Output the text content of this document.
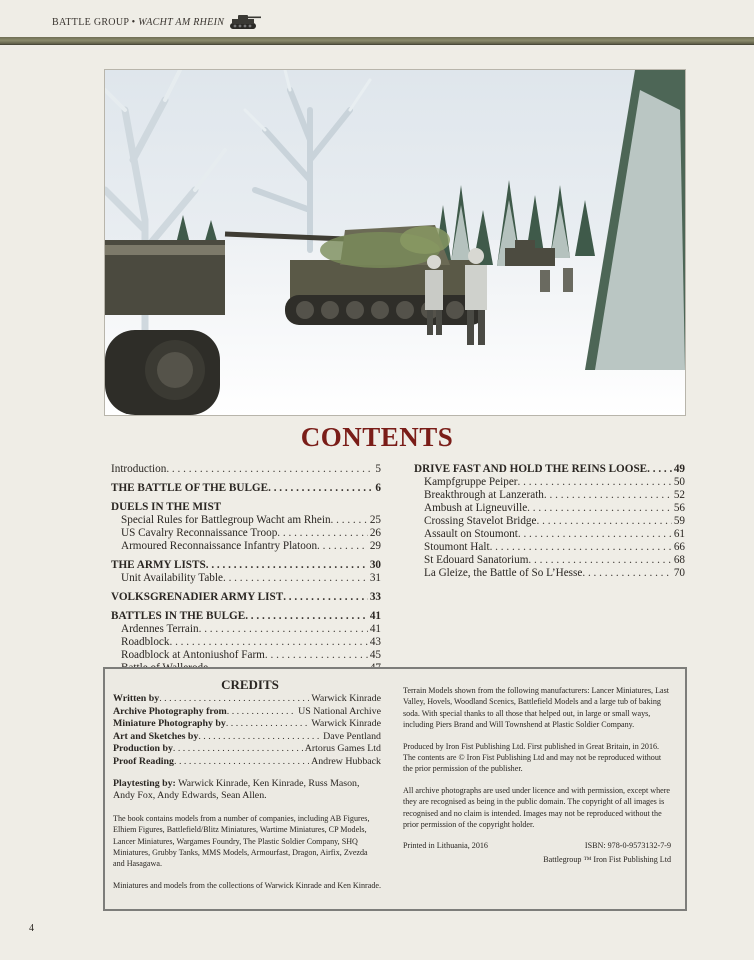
BATTLE GROUP • WACHT AM RHEIN
CONTENTS
Introduction . . .	5
THE BATTLE OF THE BULGE . . .	6
DUELS IN THE MIST
Special Rules for Battlegroup Wacht am Rhein . . .	25
US Cavalry Reconnaissance Troop . . .	26
Armoured Reconnaissance Infantry Platoon . . .	29
THE ARMY LISTS . . .	30
Unit Availability Table . . .	31
VOLKSGRENADIER ARMY LIST . . .	33
BATTLES IN THE BULGE . . .	41
Ardennes Terrain . . .	41
Roadblock . . .	43
Roadblock at Antoniushof Farm . . .	45
. . .
DRIVE FAST AND HOLD THE REINS LOOSE . . . 49
Kampfgruppe Peiper . . .	50
Breakthrough at Lanzerath . . .	52
Ambush at Ligneuville . . .	56
Crossing Stavelot Bridge . . .	59
Assault on Stoumont . . .	61
Stoumont Halt . . .	66
St Edouard Sanatorium . . .	68
La Gleize, the Battle of So L’Hesse . . .	70
CREDITS
Written by . . .	Warwick Kinrade
Archive Photography from . . .	US National Archive
Miniature Photography by . . .	Warwick Kinrade
Art and Sketches by . . .	Dave Pentland
Production by . . .	Artorus Games Ltd
Proof Reading . . .	Andrew Hubback
Playtesting by: Warwick Kinrade, Ken Kinrade, Russ Mason, Andy Fox, Andy Edwards, Sean Allen.
The book contains models from a number of companies, including AB Figures, Elhiem Figures, Battlefield/Blitz Miniatures, Wartime Miniatures, CP Models, Lancer Miniatures, Wargames Foundry, The Plastic Soldier Company, SHQ Miniatures, Grubby Tanks, MMS Models, Armourfast, Dragon, Airfix, Zvezda and Hasagawa.
Miniatures and models from the collections of Warwick Kinrade and Ken Kinrade.

Terrain Models shown from the following manufacturers: Lancer Miniatures, Last Valley, Hovels, Woodland Scenics, Battlefield Models and a large tub of baking soda. With special thanks to all those that helped out, in large or small ways, including Piers Brand and Will Townshend at Plastic Soldier Company.

Produced by Iron Fist Publishing Ltd. First published in Great Britain, in 2016. The contents are © Iron Fist Publishing Ltd and may not be reproduced without the prior permission of the publisher.

All archive photographs are used under licence and with permission, except where they are recognised as being in the public domain. The copyright of all images is recognised and no claim is intended. Images may not be reproduced without the prior permission of the copyright holder.

Printed in Lithuania, 2016	ISBN: 978-0-9573132-7-9
Battlegroup ™ Iron Fist Publishing Ltd
4
